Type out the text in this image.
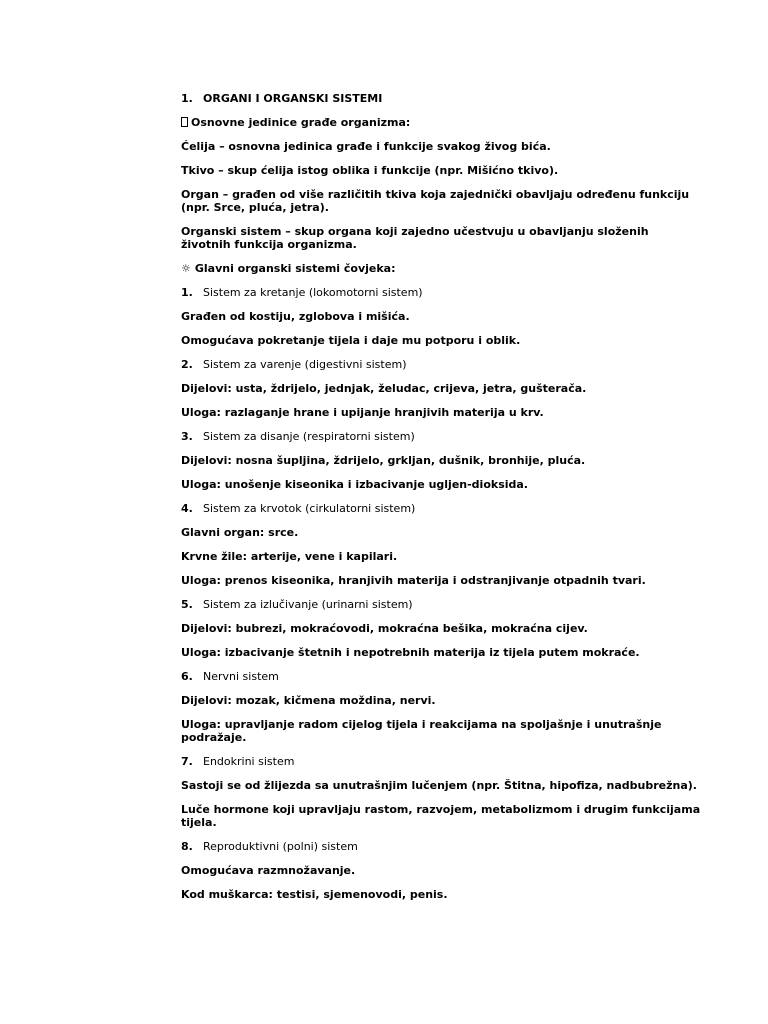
1. ORGANI I ORGANSKI SISTEMI
Osnovne jedinice građe organizma:
Ćelija – osnovna jedinica građe i funkcije svakog živog bića.
Tkivo – skup ćelija istog oblika i funkcije (npr. Mišićno tkivo).
Organ – građen od više različitih tkiva koja zajednički obavljaju određenu funkciju (npr. Srce, pluća, jetra).
Organski sistem – skup organa koji zajedno učestvuju u obavljanju složenih životnih funkcija organizma.
☼ Glavni organski sistemi čovjeka:
1. Sistem za kretanje (lokomotorni sistem)
Građen od kostiju, zglobova i mišića.
Omogućava pokretanje tijela i daje mu potporu i oblik.
2. Sistem za varenje (digestivni sistem)
Dijelovi: usta, ždrijelo, jednjak, želudac, crijeva, jetra, gušterača.
Uloga: razlaganje hrane i upijanje hranjivih materija u krv.
3. Sistem za disanje (respiratorni sistem)
Dijelovi: nosna šupljina, ždrijelo, grkljan, dušnik, bronhije, pluća.
Uloga: unošenje kiseonika i izbacivanje ugljen-dioksida.
4. Sistem za krvotok (cirkulatorni sistem)
Glavni organ: srce.
Krvne žile: arterije, vene i kapilari.
Uloga: prenos kiseonika, hranjivih materija i odstranjivanje otpadnih tvari.
5. Sistem za izlučivanje (urinarni sistem)
Dijelovi: bubrezi, mokraćovodi, mokraćna bešika, mokraćna cijev.
Uloga: izbacivanje štetnih i nepotrebnih materija iz tijela putem mokraće.
6. Nervni sistem
Dijelovi: mozak, kičmena moždina, nervi.
Uloga: upravljanje radom cijelog tijela i reakcijama na spoljašnje i unutrašnje podražaje.
7. Endokrini sistem
Sastoji se od žlijezda sa unutrašnjim lučenjem (npr. Štitna, hipofiza, nadbubrežna).
Luče hormone koji upravljaju rastom, razvojem, metabolizmom i drugim funkcijama tijela.
8. Reproduktivni (polni) sistem
Omogućava razmnožavanje.
Kod muškarca: testisi, sjemenovodi, penis.
